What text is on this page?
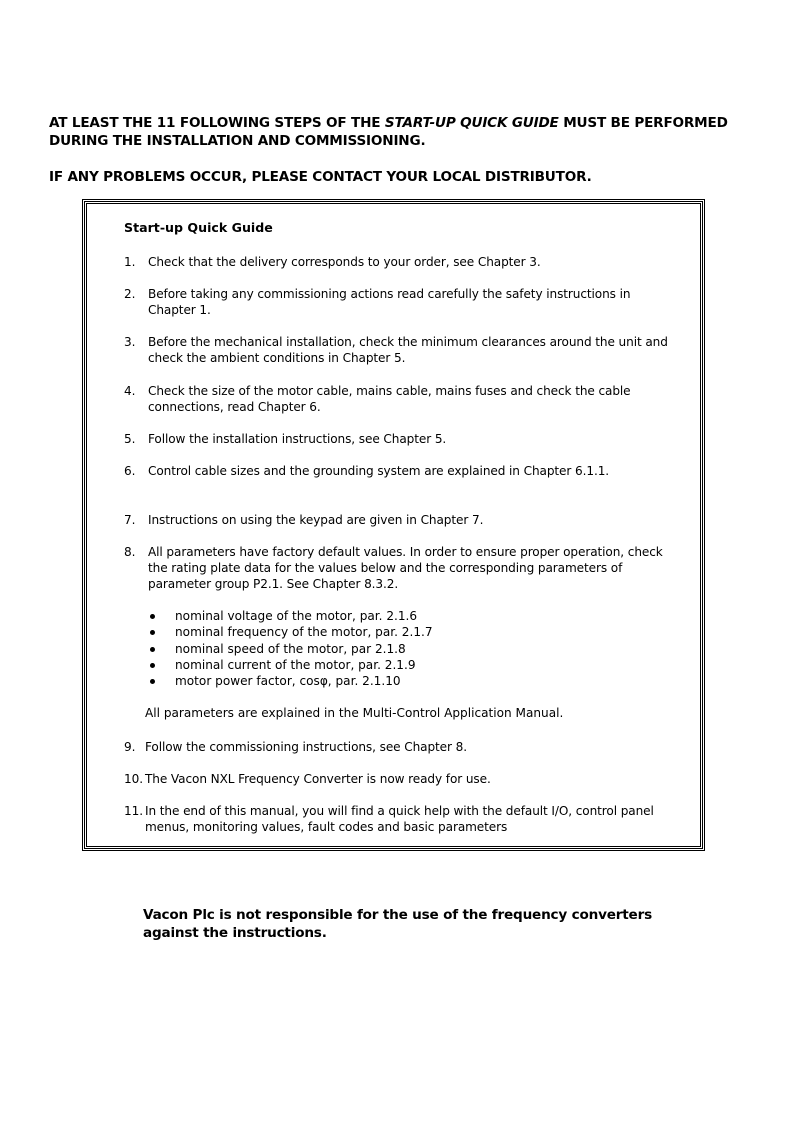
AT LEAST THE 11 FOLLOWING STEPS OF THE START-UP QUICK GUIDE MUST BE PERFORMED DURING THE INSTALLATION AND COMMISSIONING.
IF ANY PROBLEMS OCCUR, PLEASE CONTACT YOUR LOCAL DISTRIBUTOR.
Start-up Quick Guide
1. Check that the delivery corresponds to your order, see Chapter 3.
2. Before taking any commissioning actions read carefully the safety instructions in Chapter 1.
3. Before the mechanical installation, check the minimum clearances around the unit and check the ambient conditions in Chapter 5.
4. Check the size of the motor cable, mains cable, mains fuses and check the cable connections, read Chapter 6.
5. Follow the installation instructions, see Chapter 5.
6. Control cable sizes and the grounding system are explained in Chapter 6.1.1.
7. Instructions on using the keypad are given in Chapter 7.
8. All parameters have factory default values. In order to ensure proper operation, check the rating plate data for the values below and the corresponding parameters of parameter group P2.1. See Chapter 8.3.2.
nominal voltage of the motor, par. 2.1.6
nominal frequency of the motor, par. 2.1.7
nominal speed of the motor, par 2.1.8
nominal current of the motor, par. 2.1.9
motor power factor, cosφ, par. 2.1.10
All parameters are explained in the Multi-Control Application Manual.
9. Follow the commissioning instructions, see Chapter 8.
10. The Vacon NXL Frequency Converter is now ready for use.
11. In the end of this manual, you will find a quick help with the default I/O, control panel menus, monitoring values, fault codes and basic parameters
Vacon Plc is not responsible for the use of the frequency converters against the instructions.
